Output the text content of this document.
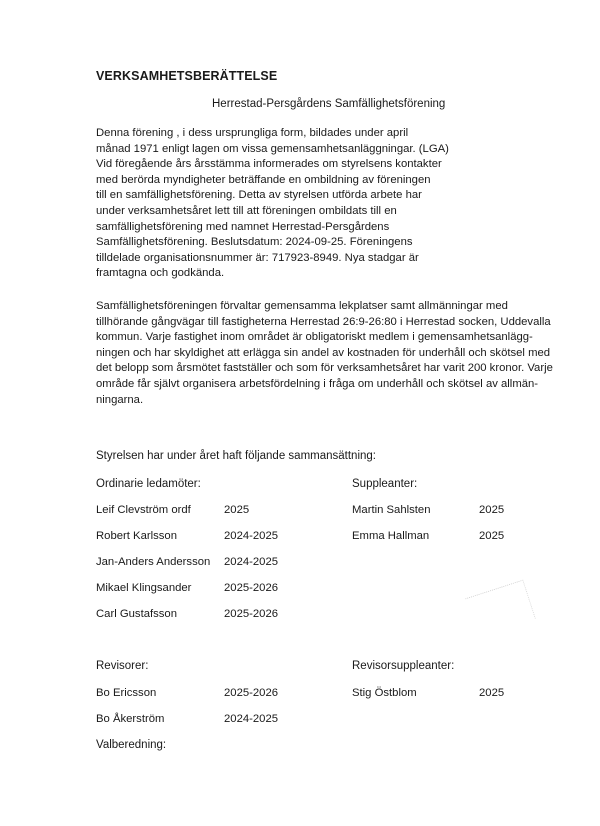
VERKSAMHETSBERÄTTELSE
Herrestad-Persgårdens Samfällighetsförening

Denna förening , i dess ursprungliga form, bildades under april
månad 1971 enligt lagen om vissa gemensamhetsanläggningar. (LGA)
Vid föregående års årsstämma informerades om styrelsens kontakter
med berörda myndigheter beträffande en ombildning av föreningen
till en samfällighetsförening. Detta av styrelsen utförda arbete har
under verksamhetsåret lett till att föreningen ombildats till en
samfällighetsförening med namnet Herrestad-Persgårdens
Samfällighetsförening. Beslutsdatum: 2024-09-25. Föreningens
tilldelade organisationsnummer är: 717923-8949. Nya stadgar är
framtagna och godkända.

Samfällighetsföreningen förvaltar gemensamma lekplatser samt allmänningar med
tillhörande gångvägar till fastigheterna Herrestad 26:9-26:80 i Herrestad socken, Uddevalla
kommun. Varje fastighet inom området är obligatoriskt medlem i gemensamhetsanlägg-
ningen och har skyldighet att erlägga sin andel av kostnaden för underhåll och skötsel med
det belopp som årsmötet fastställer och som för verksamhetsåret har varit 200 kronor. Varje
område får självt organisera arbetsfördelning i fråga om underhåll och skötsel av allmän-
ningarna.

Styrelsen har under året haft följande sammansättning:
Ordinarie ledamöter:
Leif Clevström ordf	2025
Robert Karlsson	2024-2025
Jan-Anders Andersson 2024-2025
Mikael Klingsander	2025-2026
Carl Gustafsson	2025-2026
Suppleanter:
Martin Sahlsten	2025
Emma Hallman	2025
Revisorer:
Bo Ericsson	2025-2026
Bo Åkerström	2024-2025
Revisorsuppleanter:
Stig Östblom	2025
Valberedning:
